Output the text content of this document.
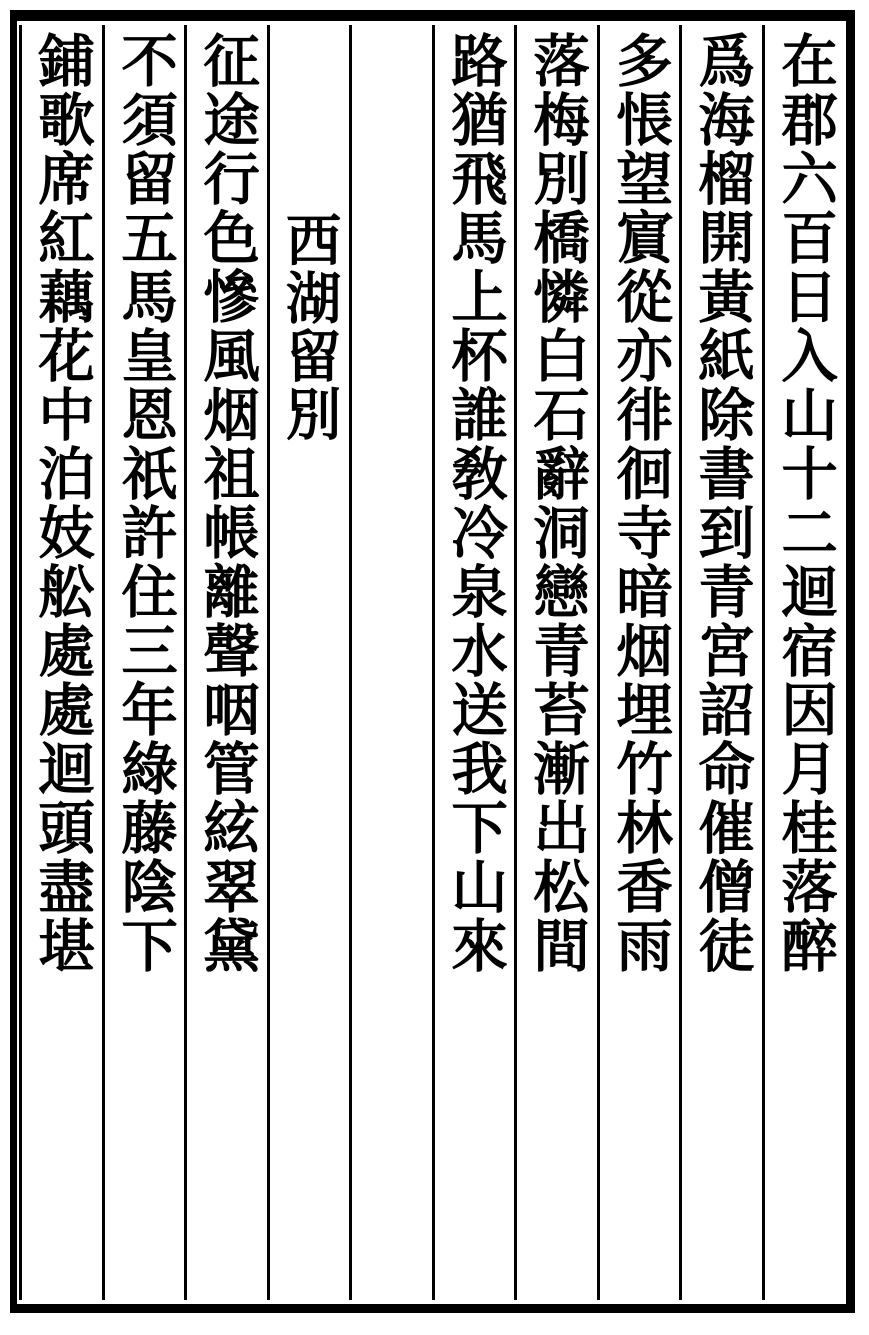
在郡六百日入山十二迴宿因月桂落醉
爲海榴開黃紙除書到青宮詔命催僧徒
多悵望賔從亦徘徊寺暗烟埋竹林香雨
落梅別橋憐白石辭洞戀青苔漸出松間
路猶飛馬上杯誰敎冷泉水送我下山來
西湖留別
征途行色慘風烟祖帳離聲咽管絃翠黛
不須留五馬皇恩祇許住三年綠藤陰下
鋪歌席紅藕花中泊妓舩處處迴頭盡堪
